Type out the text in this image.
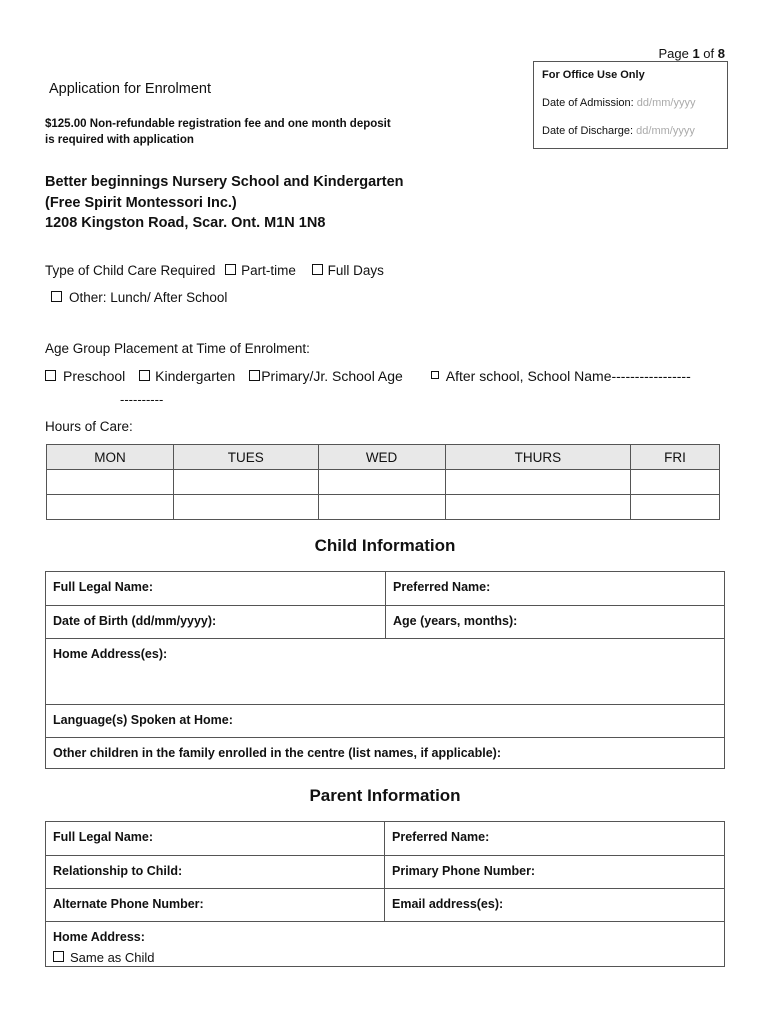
Page 1 of 8
For Office Use Only
Date of Admission: dd/mm/yyyy
Date of Discharge: dd/mm/yyyy
Application for Enrolment
$125.00 Non-refundable registration fee and one month deposit
is required with application
Better beginnings Nursery School and Kindergarten
(Free Spirit Montessori Inc.)
1208 Kingston Road, Scar. Ont. M1N 1N8
Type of Child Care Required Part-time Full Days
Other: Lunch/ After School
Age Group Placement at Time of Enrolment:
Preschool Kindergarten Primary/Jr. School Age	After school, School Name-----------------
----------
Hours of Care:
MON	TUES	WED	THURS	FRI

Child Information
Full Legal Name:	Preferred Name:
Date of Birth (dd/mm/yyyy):	Age (years, months):
Home Address(es):	
Language(s) Spoken at Home:	
Other children in the family enrolled in the centre (list names, if applicable):	
Parent Information
Full Legal Name:	Preferred Name:
Relationship to Child:	Primary Phone Number:
Alternate Phone Number:	Email address(es):

Home Address:
Same as Child	
